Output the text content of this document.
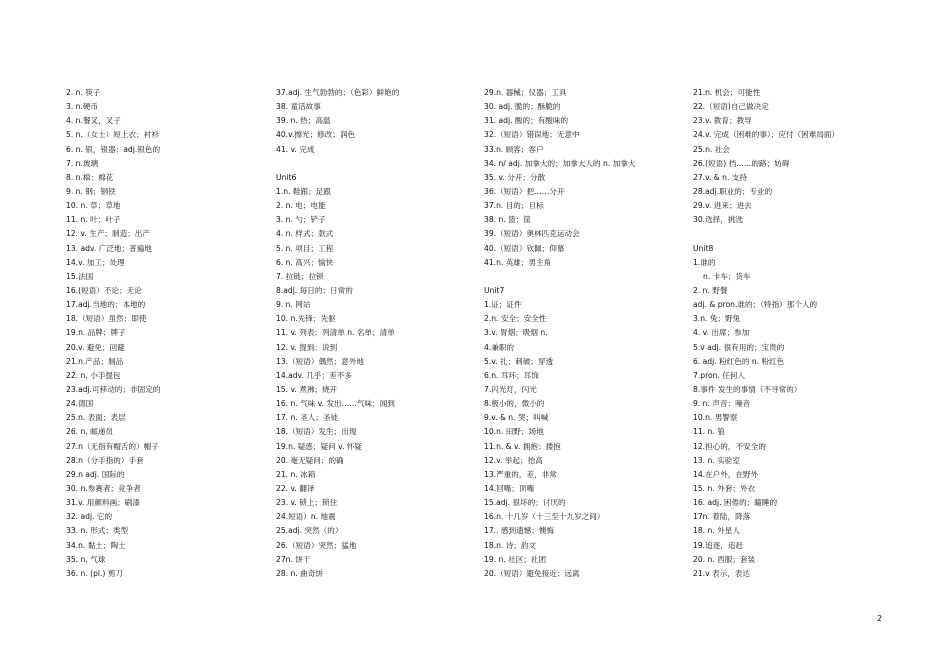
2. n. 筷子
3. n.硬币
4. n.餐叉，叉子
5. n.（女士）短上衣；衬衫
6. n. 银，银器；adj.银色的
7. n.玻璃
8. n.棉；棉花
9. n. 钢；钢铁
10. n. 草；草地
11. n. 叶；叶子
12. v. 生产；制造；出产
13. adv. 广泛地；普遍地
14.v. 加工；处理
15.法国
16.(短语）不论；无论
17.adj.当地的；本地的
18.（短语）虽然；即使
19.n. 品牌；牌子
20.v. 避免；回避
21.n.产品；制品
22. n. 小手提包
23.adj.可移动的；非固定的
24.德国
25.n. 表面；表层
26. n. 邮递员
27.n（无指有帽舌的）帽子
28.n（分手指的）手套
29.n adj. 国际的
30. n.参赛者；竞争者
31.v. 用颜料画；刷漆
32. adj. 它的
33. n. 形式；类型
34.n. 黏土；陶土
35. n. 气球
36. n. (pl.) 剪刀
37.adj. 生气勃勃的；（色彩）鲜艳的
38. 童话故事
39. n. 热；高温
40.v.擦光；修改；润色
41. v. 完成
Unit6
1.n. 鞋跟；足跟
2. n. 电；电能
3. n. 勺；铲子
4. n. 样式；款式
5. n. 项目；工程
6. n. 高兴；愉快
7. 拉链；拉锁
8.adj. 每日的；日常的
9. n. 网站
10. n.先锋；先驱
11. v. 列表；列清单 n. 名单；清单
12. v. 提到；说到
13.（短语）偶然；意外地
14.adv. 几乎；差不多
15. v. 煮沸；烧开
16. n. 气味 v. 发出……气味；闻到
17. n. 圣人；圣徒
18.（短语）发生；出现
19.n. 疑惑；疑问 v. 怀疑
20. 毫无疑问；的确
21. n. 冰箱
22. v. 翻译
23. v. 锁上；锁住
24.短语）n. 地震
25.adj. 突然（的）
26.（短语）突然；猛地
27n. 饼干
28. n. 曲奇饼
29.n. 器械；仪器；工具
30. adj. 脆的；酥脆的
31. adj. 酸的；有酸味的
32.（短语）错误地；无意中
33.n. 顾客；客户
34. n/ adj. 加拿大的；加拿大人的 n. 加拿大
35. v. 分开；分散
36.（短语）把……分开
37.n. 目的；目标
38. n. 篮；筐
39.（短语）奥林匹克运动会
40.（短语）钦佩；仰慕
41.n. 英雄；男主角
Unit7
1.证；证件
2.n. 安全；安全性
3.v. 胃烟；吸烟 n.
4.兼职的
5.v. 扎；刺破；穿透
6.n. 耳环；耳饰
7.闪光灯，闪光
8.极小的，微小的
9.v. & n. 哭；叫喊
10.n. 田野；场地
11.n. & v. 拥抱；搂抱
12.v. 举起；抬高
13.严重的，差，非常
14.回嘴；顶嘴
15.adj. 很坏的；讨厌的
16.n. 十几岁（十三至十九岁之间）
17.. 感到遗憾；懊悔
18.n. 诗；韵文
19. n. 社区；社团
20.（短语）避免接近；远离
21.n. 机会；可能性
22.（短语)自己做决定
23.v. 教育；教导
24.v. 完成（困难的事）；应付（困难局面）
25.n. 社会
26.(短语) 挡……的路；妨碍
27.v. & n. 支持
28.adj.职业的；专业的
29.v. 进来；进去
30.选择，挑选
Unit8
1.谁的
　 n. 卡车；货车
2. n. 野餐
adj. & pron.谁的；（特指）那个人的
3.n. 兔；野兔
4. v. 出席；参加
5.v adj. 很有用的；宝贵的
6. adj. 粉红色的 n. 粉红色
7.pron. 任何人
8.事件 发生的事情（不寻常的）
9. n. 声音；噪音
10.n. 男警察
11. n. 狼
12.担心的，不安全的
13. n. 实验室
14.在户外，在野外
15. n. 外套；外衣
16. adj. 困倦的；瞌睡的
17n. 着陆，降落
18. n. 外星人
19.追逐，追赶
20. n. 西服；套装
21.v 表示，表达
2
